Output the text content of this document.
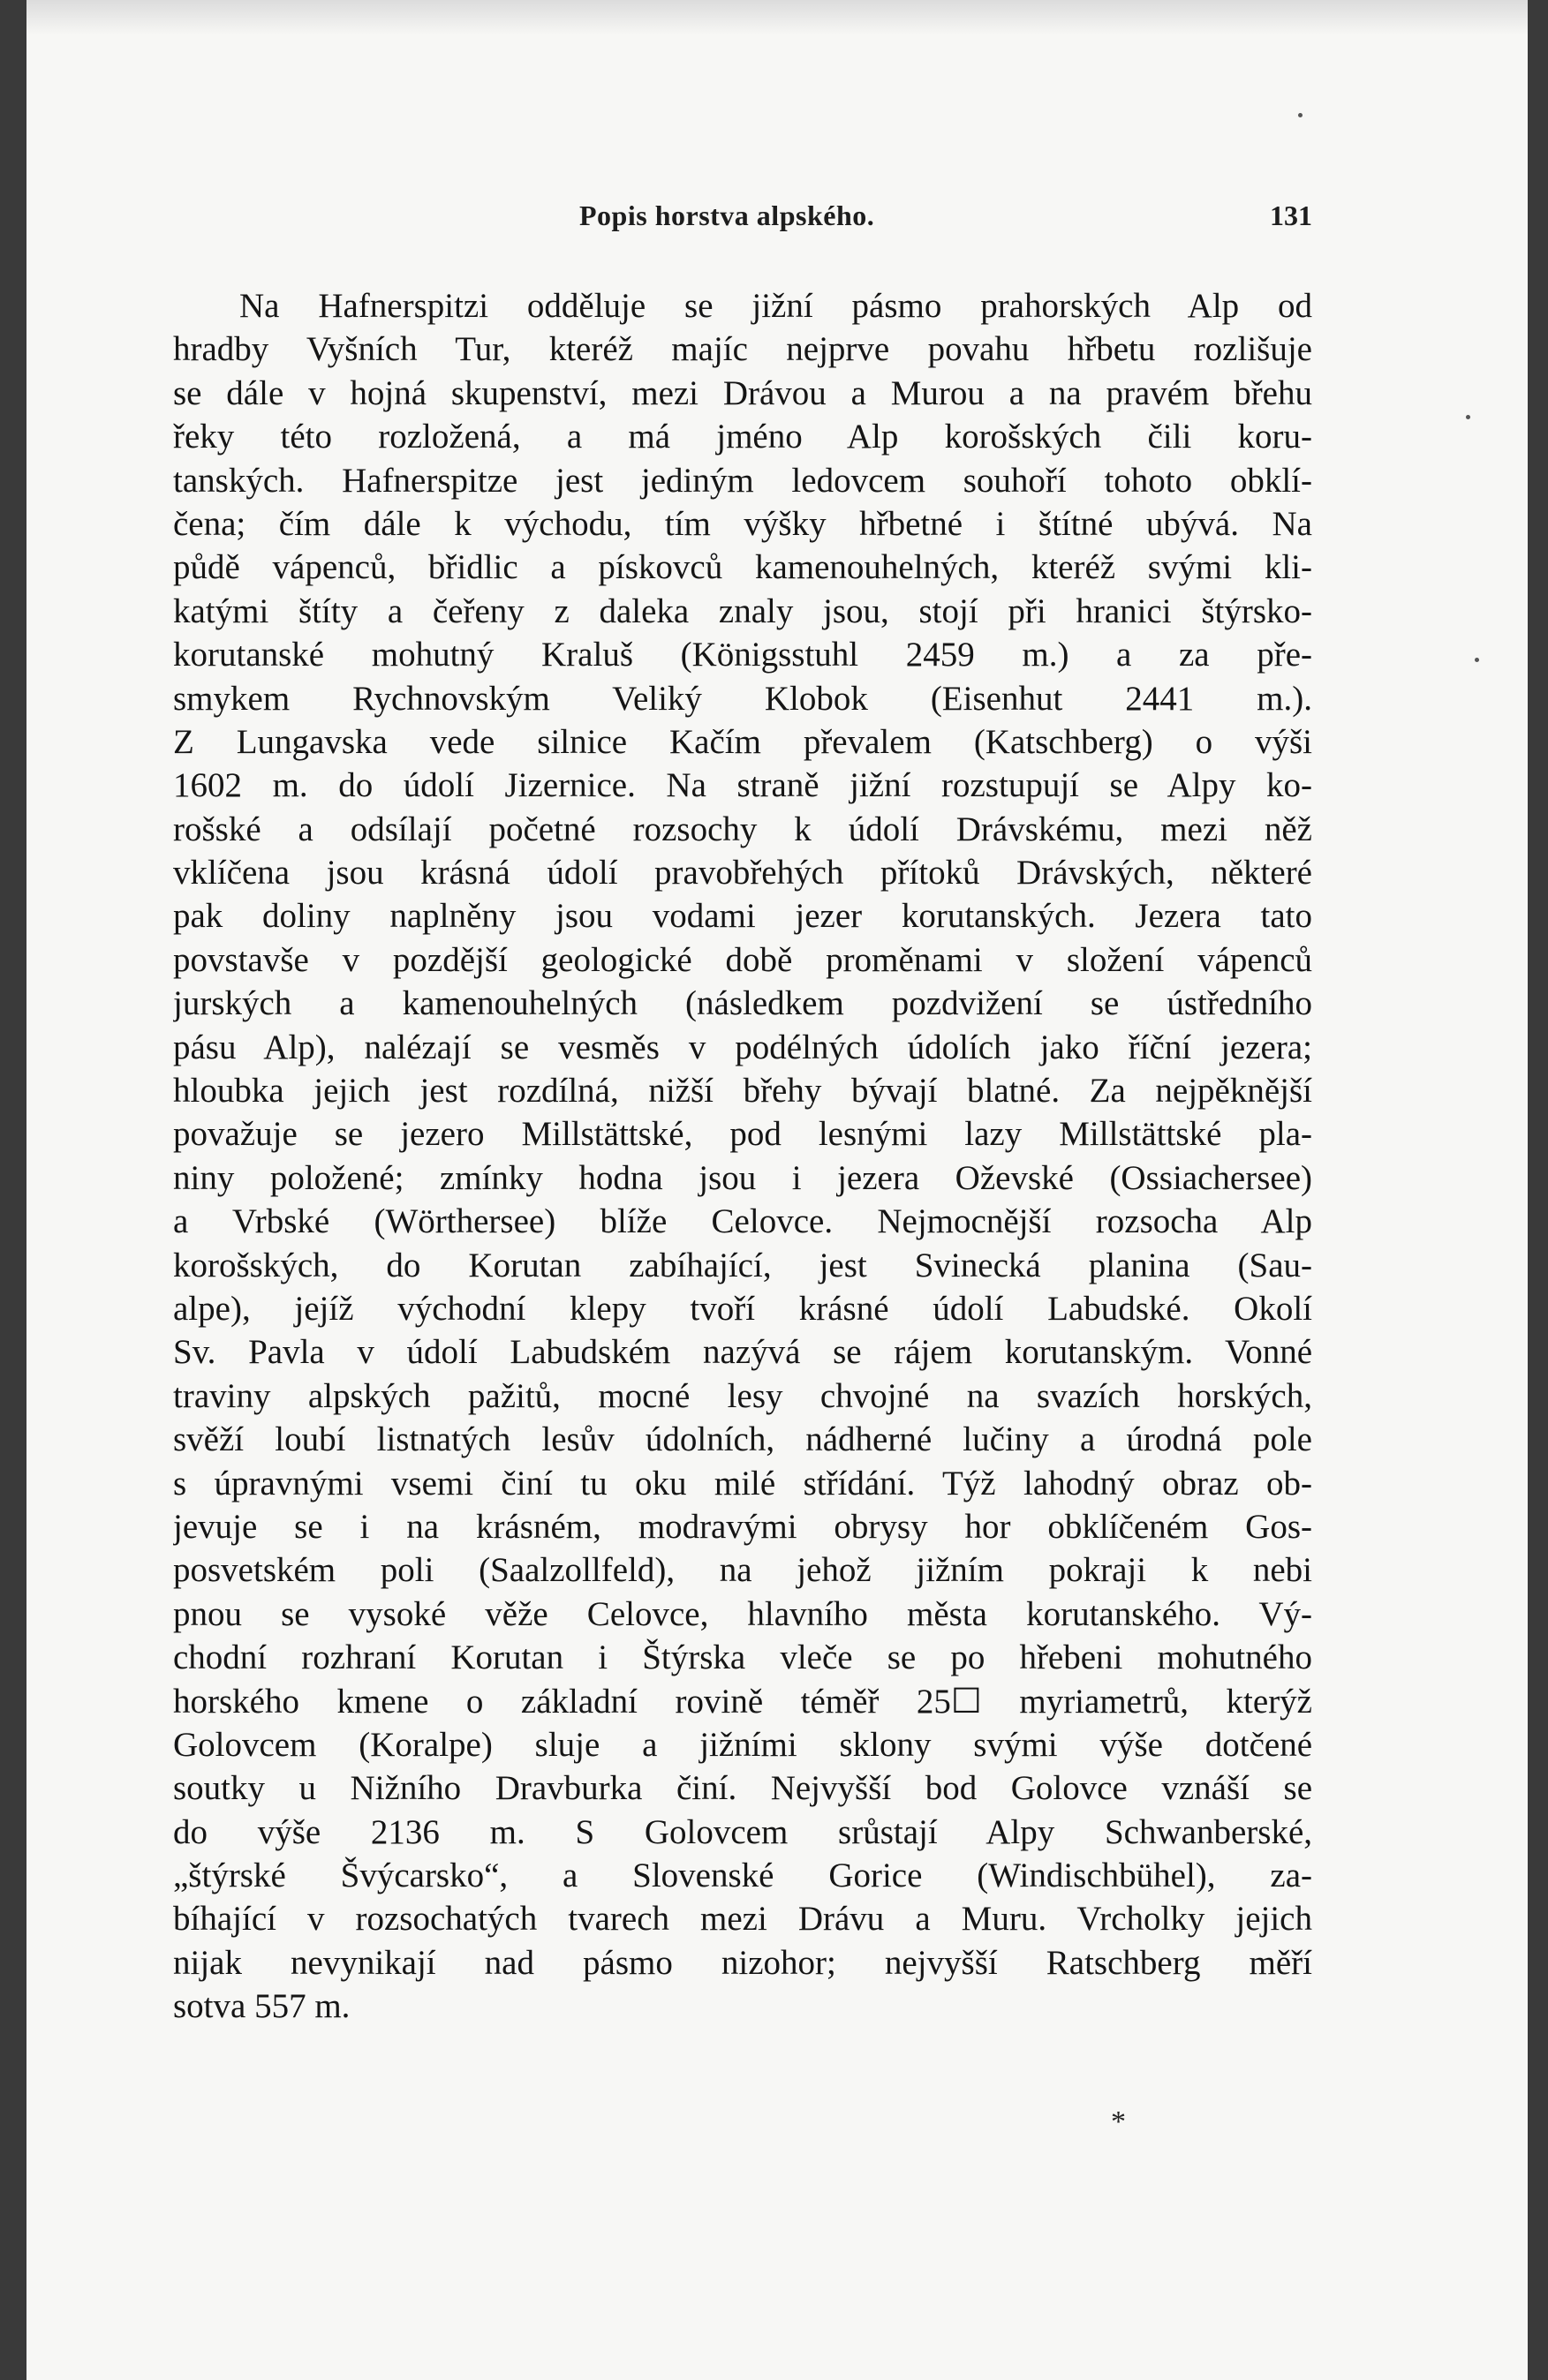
Popis horstva alpského.	131
Na Hafnerspitzi odděluje se jižní pásmo prahorských Alp od
hradby Vyšních Tur, kteréž majíc nejprve povahu hřbetu rozlišuje
se dále v hojná skupenství, mezi Drávou a Murou a na pravém břehu
řeky této rozložená, a má jméno Alp korošských čili koru-
tanských. Hafnerspitze jest jediným ledovcem souhoří tohoto obklí-
čena; čím dále k východu, tím výšky hřbetné i štítné ubývá. Na
půdě vápenců, břidlic a pískovců kamenouhelných, kteréž svými kli-
katými štíty a čeřeny z daleka znaly jsou, stojí při hranici štýrsko-
korutanské mohutný Kraluš (Königsstuhl 2459 m.) a za pře-
smykem Rychnovským Veliký Klobok (Eisenhut 2441 m.).
Z Lungavska vede silnice Kačím převalem (Katschberg) o výši
1602 m. do údolí Jizernice. Na straně jižní rozstupují se Alpy ko-
rošské a odsílají početné rozsochy k údolí Drávskému, mezi něž
vklíčena jsou krásná údolí pravobřehých přítoků Drávských, některé
pak doliny naplněny jsou vodami jezer korutanských. Jezera tato
povstavše v pozdější geologické době proměnami v složení vápenců
jurských a kamenouhelných (následkem pozdvižení se ústředního
pásu Alp), nalézají se vesměs v podélných údolích jako říční jezera;
hloubka jejich jest rozdílná, nižší břehy bývají blatné. Za nejpěknější
považuje se jezero Millstättské, pod lesnými lazy Millstättské pla-
niny položené; zmínky hodna jsou i jezera Oževské (Ossiachersee)
a Vrbské (Wörthersee) blíže Celovce. Nejmocnější rozsocha Alp
korošských, do Korutan zabíhající, jest Svinecká planina (Sau-
alpe), jejíž východní klepy tvoří krásné údolí Labudské. Okolí
Sv. Pavla v údolí Labudském nazývá se rájem korutanským. Vonné
traviny alpských pažitů, mocné lesy chvojné na svazích horských,
svěží loubí listnatých lesův údolních, nádherné lučiny a úrodná pole
s úpravnými vsemi činí tu oku milé střídání. Týž lahodný obraz ob-
jevuje se i na krásném, modravými obrysy hor obklíčeném Gos-
posvetském poli (Saalzollfeld), na jehož jižním pokraji k nebi
pnou se vysoké věže Celovce, hlavního města korutanského. Vý-
chodní rozhraní Korutan i Štýrska vleče se po hřebeni mohutného
horského kmene o základní rovině téměř 25☐ myriametrů, kterýž
Golovcem (Koralpe) sluje a jižními sklony svými výše dotčené
soutky u Nižního Dravburka činí. Nejvyšší bod Golovce vznáší se
do výše 2136 m. S Golovcem srůstají Alpy Schwanberské,
„štýrské Švýcarsko“, a Slovenské Gorice (Windischbühel), za-
bíhající v rozsochatých tvarech mezi Drávu a Muru. Vrcholky jejich
nijak nevynikají nad pásmo nizohor; nejvyšší Ratschberg měří
sotva 557 m.
*
